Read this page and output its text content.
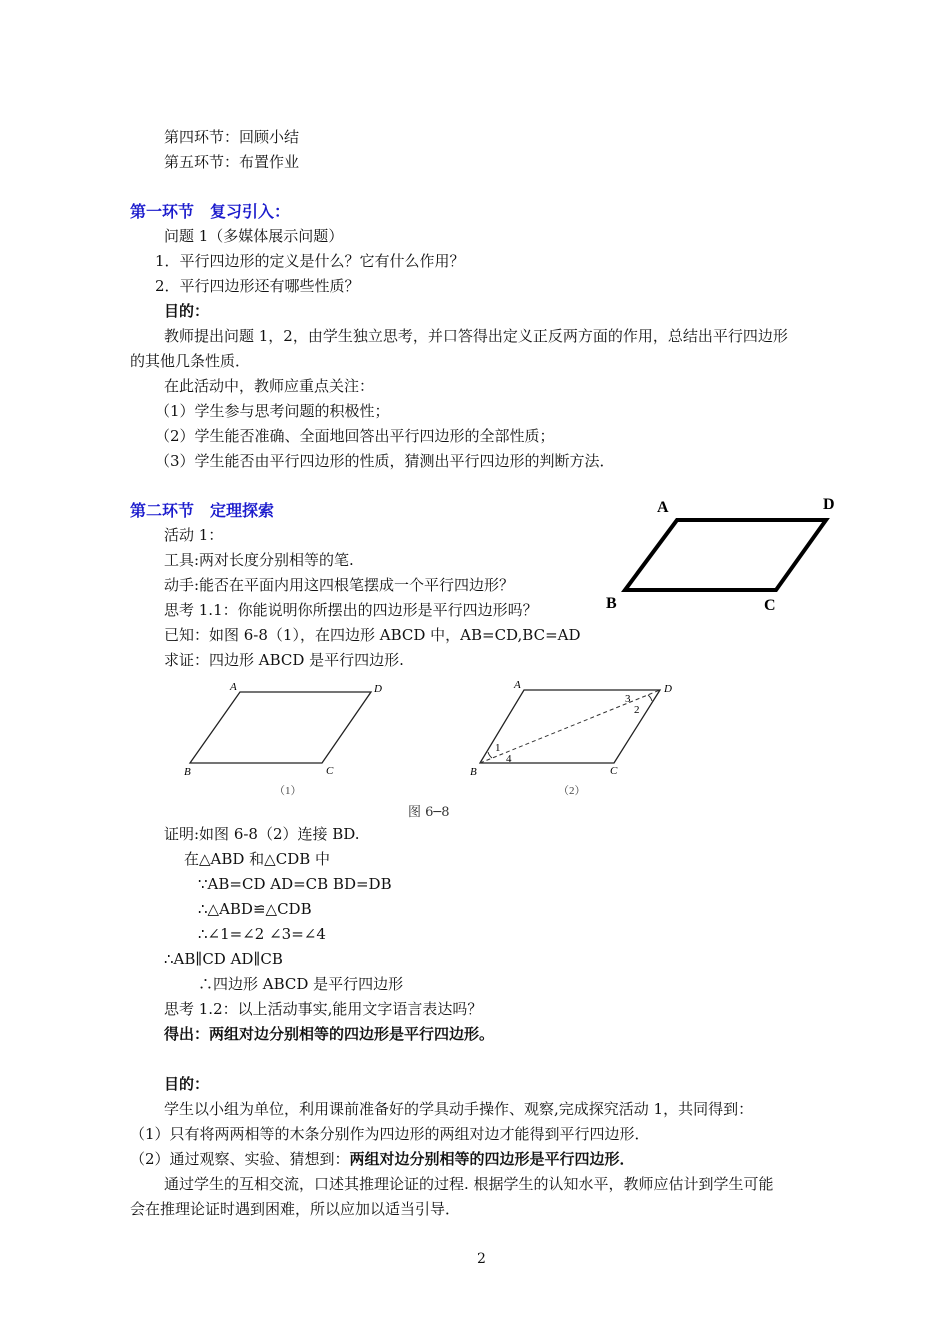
第四环节：回顾小结
第五环节：布置作业
第一环节　复习引入：
问题 1（多媒体展示问题）
1．平行四边形的定义是什么？它有什么作用？
2．平行四边形还有哪些性质？
目的：
教师提出问题 1，2，由学生独立思考，并口答得出定义正反两方面的作用，总结出平行四边形
的其他几条性质．
在此活动中，教师应重点关注：
（1）学生参与思考问题的积极性；
（2）学生能否准确、全面地回答出平行四边形的全部性质；
（3）学生能否由平行四边形的性质，猜测出平行四边形的判断方法．
第二环节　定理探索
活动 1：
工具:两对长度分别相等的笔.
动手:能否在平面内用这四根笔摆成一个平行四边形？
思考 1.1：你能说明你所摆出的四边形是平行四边形吗？
已知：如图 6-8（1），在四边形 ABCD 中，AB=CD,BC=AD
求证：四边形 ABCD 是平行四边形.
A	D
B	C
A	D
B	C
（1）
A	D
B	C
1
2
3
4
（2）
图 6─8
证明:如图 6-8（2）连接 BD.
在△ABD 和△CDB 中
∵AB=CD AD=CB BD=DB
∴△ABD≌△CDB
∴∠1=∠2 ∠3=∠4
∴AB∥CD AD∥CB
∴四边形 ABCD 是平行四边形
思考 1.2：以上活动事实,能用文字语言表达吗？
得出：两组对边分别相等的四边形是平行四边形。
目的：
学生以小组为单位，利用课前准备好的学具动手操作、观察,完成探究活动 1，共同得到：
（1）只有将两两相等的木条分别作为四边形的两组对边才能得到平行四边形．
（2）通过观察、实验、猜想到：两组对边分别相等的四边形是平行四边形．
通过学生的互相交流，口述其推理论证的过程. 根据学生的认知水平，教师应估计到学生可能
会在推理论证时遇到困难，所以应加以适当引导．
2
